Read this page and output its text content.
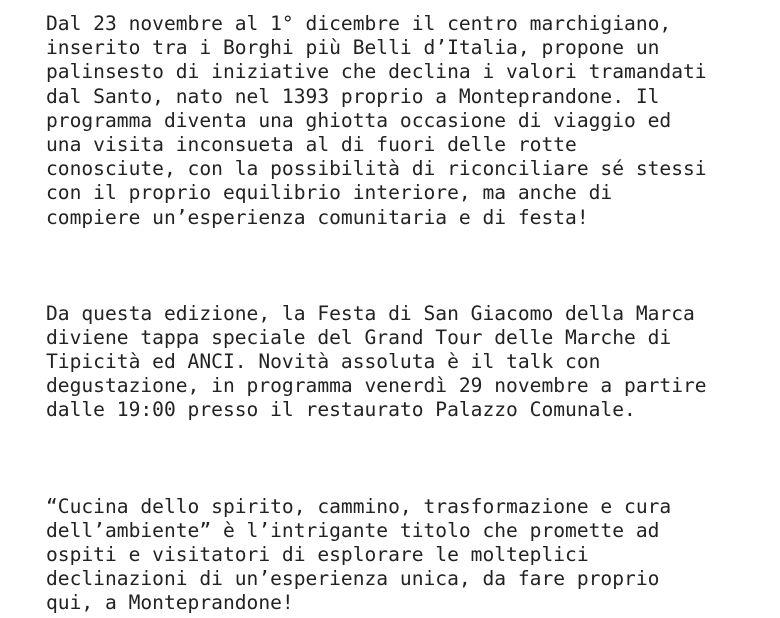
Dal 23 novembre al 1° dicembre il centro marchigiano,
inserito tra i Borghi più Belli d’Italia, propone un
palinsesto di iniziative che declina i valori tramandati
dal Santo, nato nel 1393 proprio a Monteprandone. Il
programma diventa una ghiotta occasione di viaggio ed
una visita inconsueta al di fuori delle rotte
conosciute, con la possibilità di riconciliare sé stessi
con il proprio equilibrio interiore, ma anche di
compiere un’esperienza comunitaria e di festa!

Da questa edizione, la Festa di San Giacomo della Marca
diviene tappa speciale del Grand Tour delle Marche di
Tipicità ed ANCI. Novità assoluta è il talk con
degustazione, in programma venerdì 29 novembre a partire
dalle 19:00 presso il restaurato Palazzo Comunale.

“Cucina dello spirito, cammino, trasformazione e cura
dell’ambiente” è l’intrigante titolo che promette ad
ospiti e visitatori di esplorare le molteplici
declinazioni di un’esperienza unica, da fare proprio
qui, a Monteprandone!
